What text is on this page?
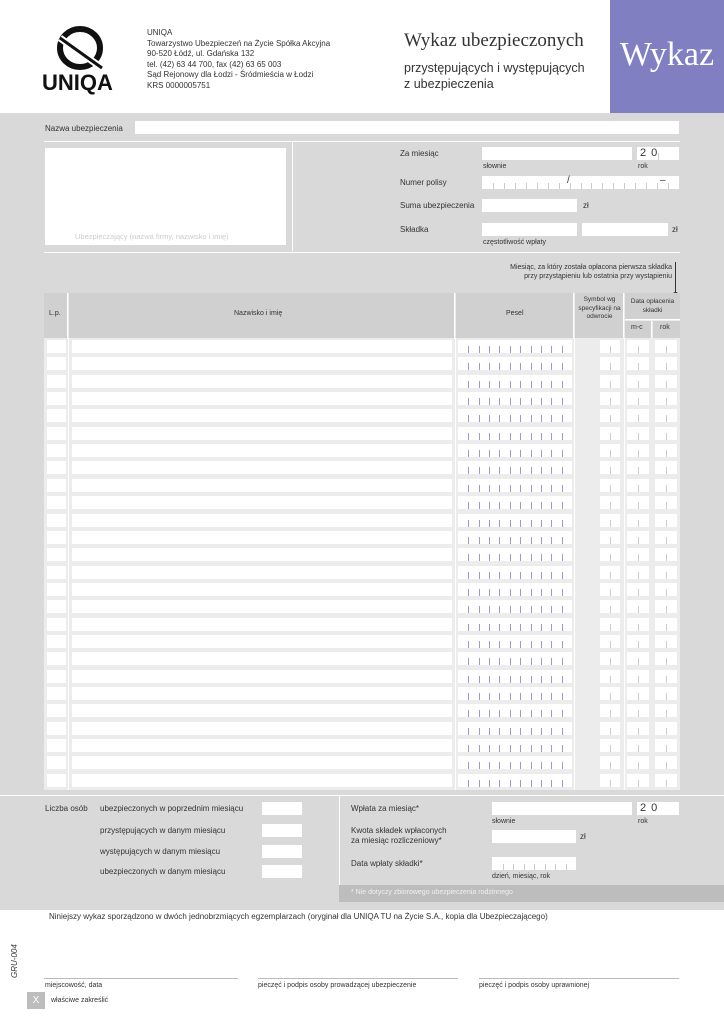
UNIQA
UNIQA
Towarzystwo Ubezpieczeń na Życie Spółka Akcyjna
90-520 Łódź, ul. Gdańska 132
tel. (42) 63 44 700, fax (42) 63 65 003
Sąd Rejonowy dla Łodzi - Śródmieścia w Łodzi
KRS 0000005751
Wykaz ubezpieczonych
przystępujących i występujących
z ubezpieczenia
Wykaz
Nazwa ubezpieczenia
Ubezpieczający (nazwa firmy, nazwisko i imię)
Za miesiąc	2 0
słownie	rok
Numer polisy	/	–
Suma ubezpieczenia	zł
Składka	zł
częstotliwość wpłaty
Miesiąc, za który została opłacona pierwsza składka
przy przystąpieniu lub ostatnia przy wystąpieniu
L.p.	Nazwisko i imię	Pesel
Symbol wg specyfikacji na odwrocie
Data opłacenia składki
m-c rok
Liczba osób ubezpieczonych w poprzednim miesiącu
przystępujących w danym miesiącu
występujących w danym miesiącu
ubezpieczonych w danym miesiącu
Wpłata za miesiąc*	2 0
słownie	rok
Kwota składek wpłaconych
za miesiąc rozliczeniowy*	zł
Data wpłaty składki*
dzień, miesiąc, rok
* Nie dotyczy zbiorowego ubezpieczenia rodzinnego
Niniejszy wykaz sporządzono w dwóch jednobrzmiących egzemplarzach (oryginał dla UNIQA TU na Życie S.A., kopia dla Ubezpieczającego)
GRU-004
miejscowość, data	pieczęć i podpis osoby prowadzącej ubezpieczenie	pieczęć i podpis osoby uprawnionej
X	właściwe zakreślić
